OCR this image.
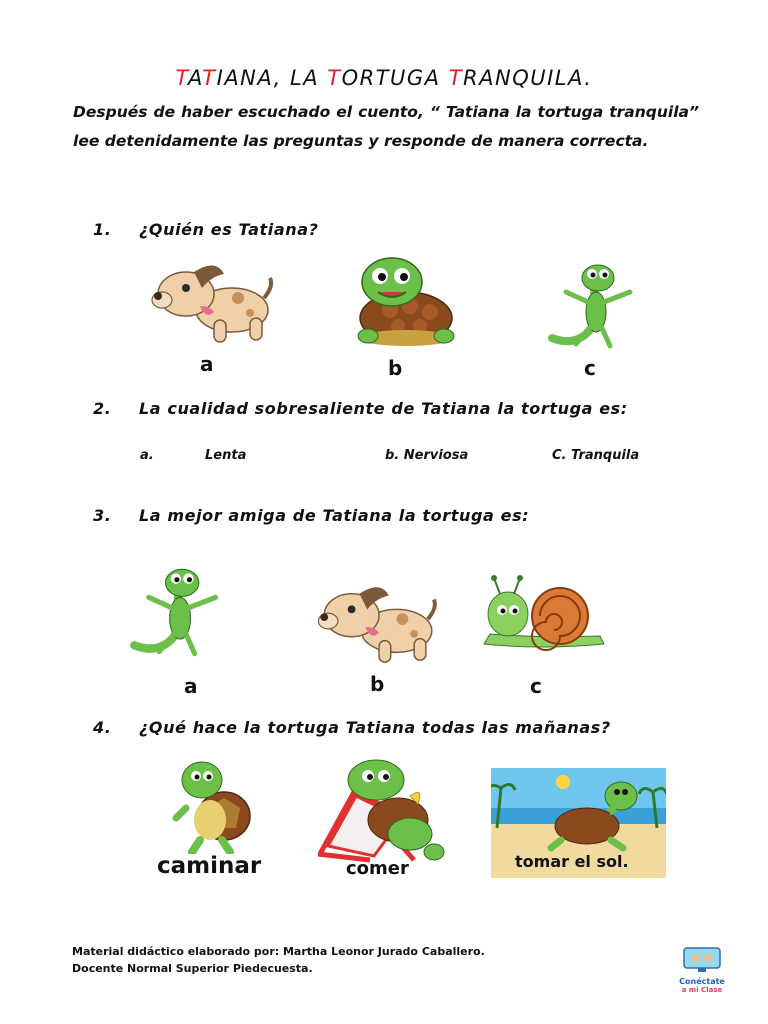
TATIANA, LA TORTUGA TRANQUILA.
Después de haber escuchado el cuento, “ Tatiana la tortuga tranquila” lee detenidamente las preguntas y responde de manera correcta.
1. ¿Quién es Tatiana?
a	b	c
2. La cualidad sobresaliente de Tatiana la tortuga es:
a.	Lenta	b. Nerviosa	C. Tranquila
3. La mejor amiga de Tatiana la tortuga es:
a	b	c
4. ¿Qué hace la tortuga Tatiana todas las mañanas?
caminar	comer	tomar el sol.
Material didáctico elaborado por: Martha Leonor Jurado Caballero.
Docente Normal Superior Piedecuesta.
Conéctate
a mi Clase
